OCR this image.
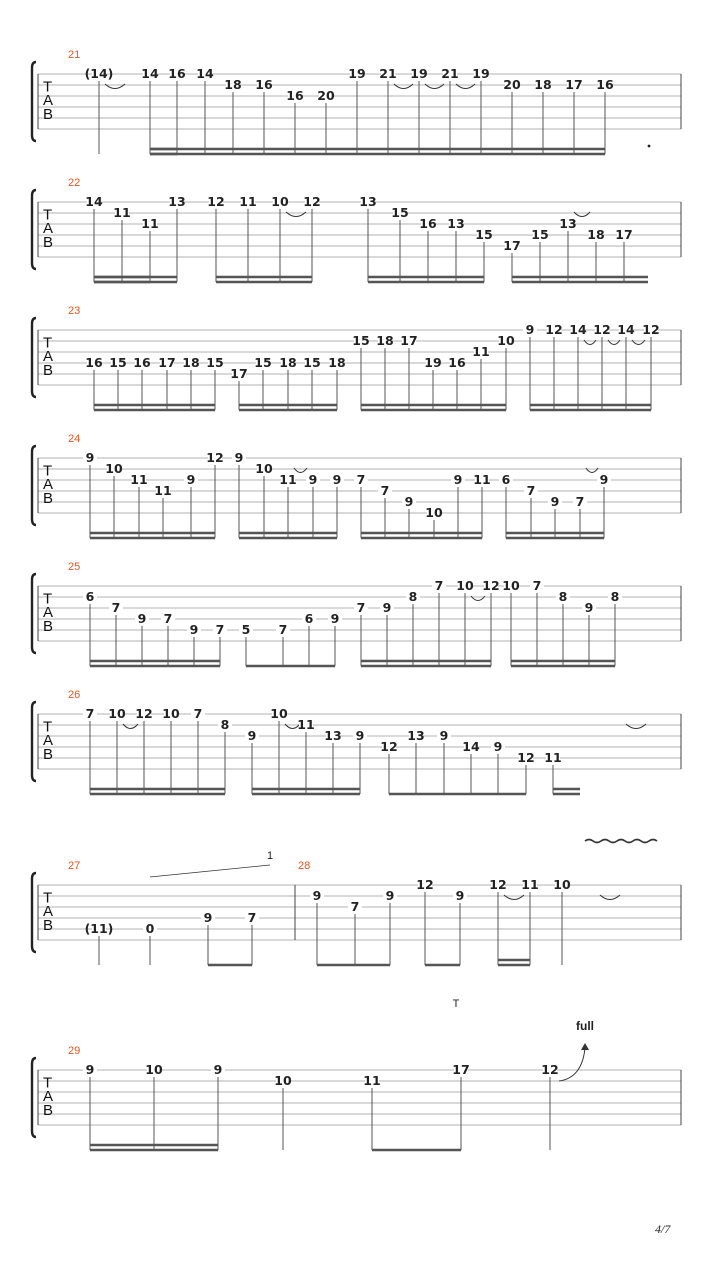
T
A
B
T
A
B
T
A
B
T
A
B
T
A
B
T
A
B
T
A
B
T
A
B
21
(14) 14 16 14
18 16
16 20
19 21 19 21 19
20 18 17 16
22
14
11
11
13 12 11 10 12	13
15
16 13
15
17
15
13
18 17
23
16 15 16 17 18 15
17
15 18 15 18
15 18 17
19 16
11
10
9 12 14 12 14 12
24
9
10
11
11
9
12 9
10
11 9 9 7
7
9
10
9 11 6
7
9 7
9
25
6
7
9 7
9 7 5 7
6 9
7 9
8
7 10 12 10 7
8
9
8
26
7 10 12 10 7
8
9
10
11
13 9
12
13 9
14 9
12 11
27
(11)	0
9	7
28
9
7
9
12
9
12 11 10
29
9	10	9
10	11
17	12
1
T
full
4/7
